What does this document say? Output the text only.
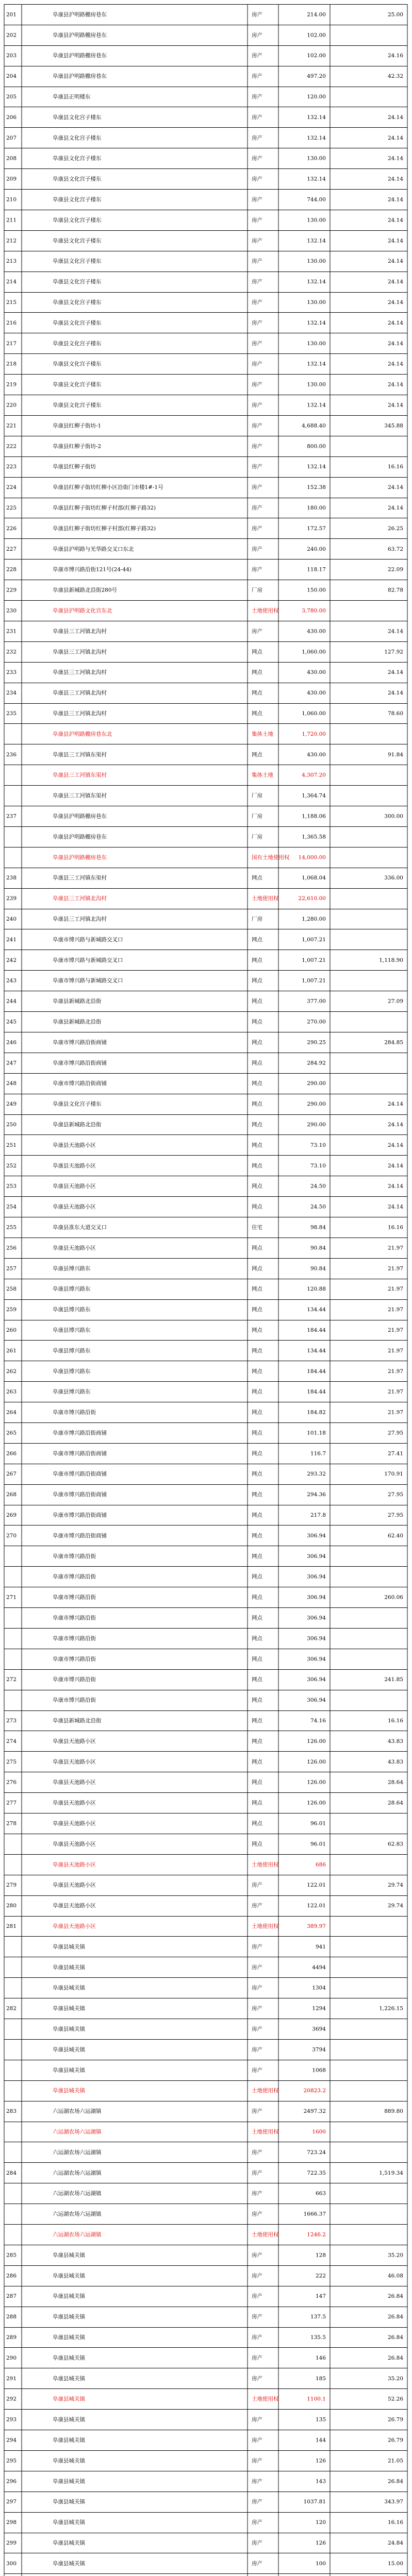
201	阜康县沪明路棚房巷东	房产	214.00	25.00
202	阜康县沪明路棚房巷东	房产	102.00
203	阜康县沪明路棚房巷东	房产	102.00	24.16
204	阜康县沪明路棚房巷东	房产	497.20	42.32
205	阜康县正明楼东	房产	120.00
206	阜康县文化宫子楼东	房产	132.14	24.14
207	阜康县文化宫子楼东	房产	132.14	24.14
208	阜康县文化宫子楼东	房产	130.00	24.14
209	阜康县文化宫子楼东	房产	132.14	24.14
210	阜康县文化宫子楼东	房产	744.00	24.14
211	阜康县文化宫子楼东	房产	130.00	24.14
212	阜康县文化宫子楼东	房产	132.14	24.14
213	阜康县文化宫子楼东	房产	130.00	24.14
214	阜康县文化宫子楼东	房产	132.14	24.14
215	阜康县文化宫子楼东	房产	130.00	24.14
216	阜康县文化宫子楼东	房产	132.14	24.14
217	阜康县文化宫子楼东	房产	130.00	24.14
218	阜康县文化宫子楼东	房产	132.14	24.14
219	阜康县文化宫子楼东	房产	130.00	24.14
220	阜康县文化宫子楼东	房产	132.14	24.14
221	阜康县红柳子街坊-1	房产	4,688.40	345.88
222	阜康县红柳子街坊-2	房产	800.00
223	阜康县红柳子街坊	房产	132.14	16.16
224	阜康县红柳子街坊红柳小区沿街门市楼1#-1号	房产	152.38	24.14
225	阜康县红柳子街坊红柳子村部(红柳子路32)	房产	180.00	24.14
226	阜康县红柳子街坊红柳子村部(红柳子路32)	房产	172.57	26.25
227	阜康县沪明路与光华路交叉口东北	房产	240.00	63.72
228	阜康市博兴路沿街121号(24-44)	房产	118.17	22.09
229	阜康县新城路北沿街280号	厂房	150.00	82.78
230	阜康县沪明路文化宫东北	土地使用权	3,780.00
231	阜康县三工河镇北沟村	房产	430.00	24.14
232	阜康县三工河镇北沟村	网点	1,060.00	127.92
233	阜康县三工河镇北沟村	网点	430.00	24.14
234	阜康县三工河镇北沟村	网点	430.00	24.14
235	阜康县三工河镇北沟村	网点	1,060.00	78.60
阜康县沪明路棚房巷东北	集体土地	1,720.00
236	阜康县三工河镇东渠村	网点	430.00	91.84
阜康县三工河镇东渠村	集体土地	4,307.20
阜康县三工河镇东渠村	厂房	1,364.74
237	阜康县沪明路棚房巷东	厂房	1,188.06	300.00
阜康县沪明路棚房巷东	厂房	1,365.58
阜康县沪明路棚房巷东	国有土地使用权 14,000.00
238	阜康县三工河镇东渠村	网点	1,068.04	336.00
239	阜康县三工河镇北沟村	土地使用权	22,610.00
240	阜康县三工河镇北沟村	厂房	1,280.00
241	阜康市博兴路与新城路交叉口	网点	1,007.21
242	阜康市博兴路与新城路交叉口	网点	1,007.21	1,118.90
243	阜康市博兴路与新城路交叉口	网点	1,007.21
244	阜康县新城路北沿街	网点	377.00	27.09
245	阜康县新城路北沿街	网点	270.00
246	阜康市博兴路沿街商铺	网点	290.25	284.85
247	阜康市博兴路沿街商铺	网点	284.92
248	阜康市博兴路沿街商铺	网点	290.00
249	阜康县文化宫子楼东	网点	290.00	24.14
250	阜康县新城路北沿街	网点	290.00	24.14
251	阜康县天池路小区	网点	73.10	24.14
252	阜康县天池路小区	网点	73.10	24.14
253	阜康县天池路小区	网点	24.50	24.14
254	阜康县天池路小区	网点	24.50	24.14
255	阜康县准东大道交叉口	住宅	98.84	16.16
256	阜康县天池路小区	网点	90.84	21.97
257	阜康县博兴路东	网点	90.84	21.97
258	阜康县博兴路东	网点	120.88	21.97
259	阜康县博兴路东	网点	134.44	21.97
260	阜康县博兴路东	网点	184.44	21.97
261	阜康县博兴路东	网点	134.44	21.97
262	阜康县博兴路东	网点	184.44	21.97
263	阜康县博兴路东	网点	184.44	21.97
264	阜康市博兴路沿街	网点	184.82	21.97
265	阜康市博兴路沿街商铺	网点	101.18	27.95
266	阜康市博兴路沿街商铺	网点	116.7	27.41
267	阜康市博兴路沿街商铺	网点	293.32	170.91
268	阜康市博兴路沿街商铺	网点	294.36	27.95
269	阜康市博兴路沿街商铺	网点	217.8	27.95
270	阜康市博兴路沿街商铺	网点	306.94	62.40
阜康市博兴路沿街	网点	306.94
阜康市博兴路沿街	网点	306.94
271	阜康市博兴路沿街	网点	306.94	260.06
阜康市博兴路沿街	网点	306.94
阜康市博兴路沿街	网点	306.94
阜康市博兴路沿街	网点	306.94
272	阜康市博兴路沿街	网点	306.94	241.85
阜康市博兴路沿街	网点	306.94
273	阜康县新城路北沿街	网点	74.16	16.16
274	阜康县天池路小区	网点	126.00	43.83
275	阜康县天池路小区	网点	126.00	43.83
276	阜康县天池路小区	网点	126.00	28.64
277	阜康县天池路小区	网点	126.00	28.64
278	阜康县天池路小区	网点	96.01
阜康县天池路小区	网点	96.01	62.83
阜康县天池路小区	土地使用权	686
279	阜康县天池路小区	房产	122.01	29.74
280	阜康县天池路小区	房产	122.01	29.74
281	阜康县天池路小区	土地使用权	389.97
阜康县城关镇	房产	941
阜康县城关镇	房产	4494
阜康县城关镇	房产	1304
282	阜康县城关镇	房产	1294	1,226.15
阜康县城关镇	房产	3694
阜康县城关镇	房产	3794
阜康县城关镇	房产	1068
阜康县城关镇	土地使用权	20823.2
283	六运湖农场六运湖镇	房产	2497.32	889.80
六运湖农场六运湖镇	土地使用权	1600
六运湖农场六运湖镇	房产	723.24
284	六运湖农场六运湖镇	房产	722.35	1,519.34
六运湖农场六运湖镇	房产	663
六运湖农场六运湖镇	房产	1666.37
六运湖农场六运湖镇	土地使用权	1246.2
285	阜康县城关镇	房产	128	35.20
286	阜康县城关镇	房产	222	46.08
287	阜康县城关镇	房产	147	26.84
288	阜康县城关镇	房产	137.5	26.84
289	阜康县城关镇	房产	135.5	26.84
290	阜康县城关镇	房产	146	26.84
291	阜康县城关镇	房产	185	35.20
292	阜康县城关镇	土地使用权	1100.1	52.26
293	阜康县城关镇	房产	135	26.79
294	阜康县城关镇	房产	144	26.79
295	阜康县城关镇	房产	126	21.05
296	阜康县城关镇	房产	143	26.84
297	阜康县城关镇	房产	1037.81	343.97
298	阜康县城关镇	房产	120	16.16
299	阜康县城关镇	房产	126	24.84
300	阜康县城关镇	房产	100	15.00
